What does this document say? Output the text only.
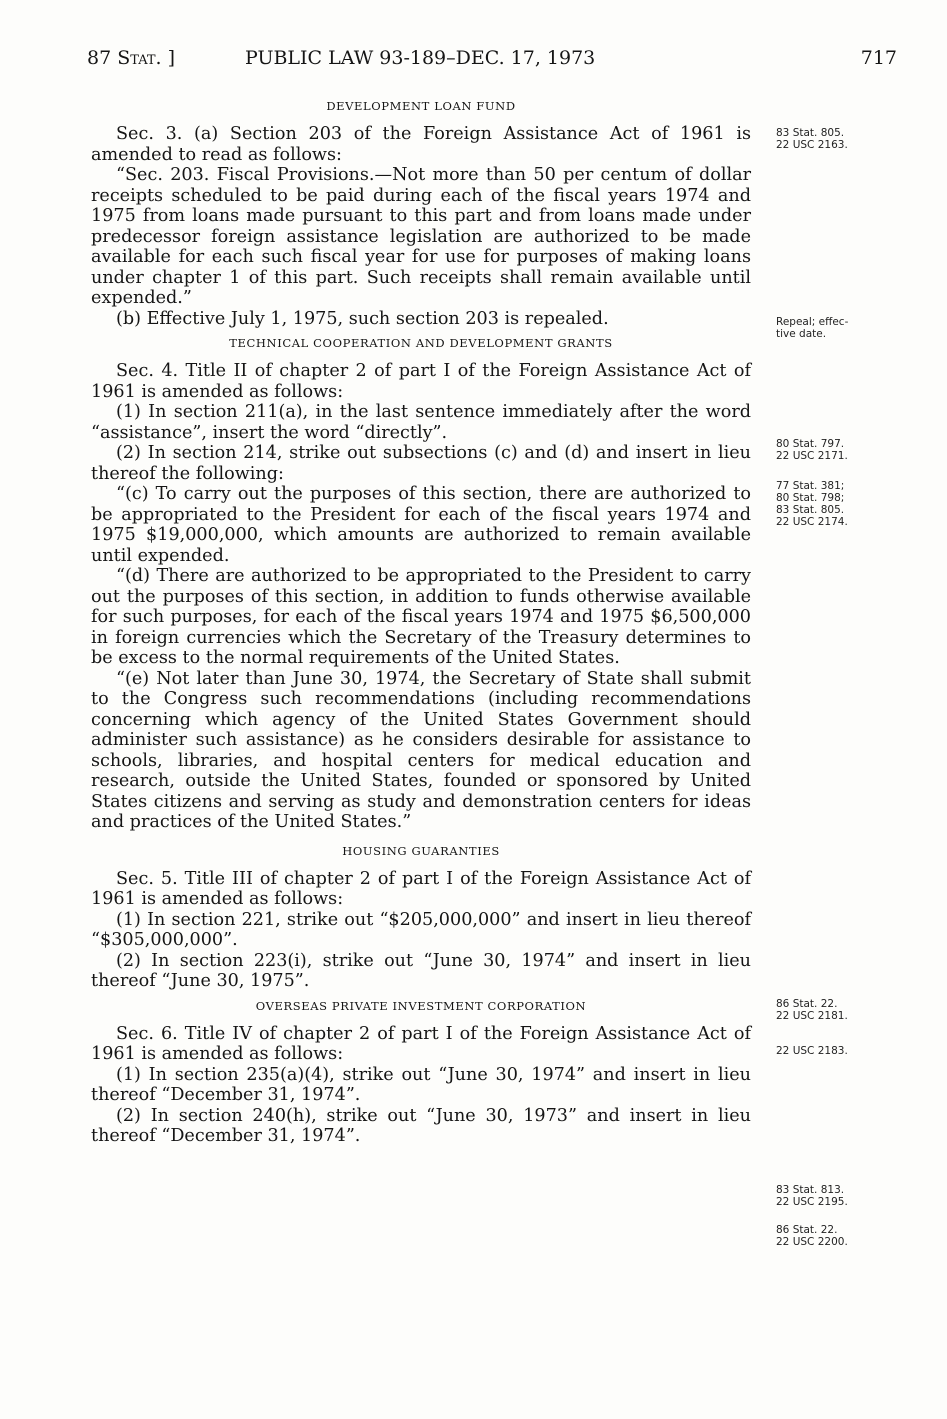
87 Stat. ]	PUBLIC LAW 93-189–DEC. 17, 1973	717

DEVELOPMENT LOAN FUND

Sec. 3. (a) Section 203 of the Foreign Assistance Act of 1961 is amended to read as follows:

“Sec. 203. Fiscal Provisions.—Not more than 50 per centum of dollar receipts scheduled to be paid during each of the fiscal years 1974 and 1975 from loans made pursuant to this part and from loans made under predecessor foreign assistance legislation are authorized to be made available for each such fiscal year for use for purposes of making loans under chapter 1 of this part. Such receipts shall remain available until expended.”

(b) Effective July 1, 1975, such section 203 is repealed.

TECHNICAL COOPERATION AND DEVELOPMENT GRANTS

Sec. 4. Title II of chapter 2 of part I of the Foreign Assistance Act of 1961 is amended as follows:

(1) In section 211(a), in the last sentence immediately after the word “assistance”, insert the word “directly”.

(2) In section 214, strike out subsections (c) and (d) and insert in lieu thereof the following:

“(c) To carry out the purposes of this section, there are authorized to be appropriated to the President for each of the fiscal years 1974 and 1975 $19,000,000, which amounts are authorized to remain available until expended.

“(d) There are authorized to be appropriated to the President to carry out the purposes of this section, in addition to funds otherwise available for such purposes, for each of the fiscal years 1974 and 1975 $6,500,000 in foreign currencies which the Secretary of the Treasury determines to be excess to the normal requirements of the United States.

“(e) Not later than June 30, 1974, the Secretary of State shall submit to the Congress such recommendations (including recommendations concerning which agency of the United States Government should administer such assistance) as he considers desirable for assistance to schools, libraries, and hospital centers for medical education and research, outside the United States, founded or sponsored by United States citizens and serving as study and demonstration centers for ideas and practices of the United States.”

HOUSING GUARANTIES

Sec. 5. Title III of chapter 2 of part I of the Foreign Assistance Act of 1961 is amended as follows:

(1) In section 221, strike out “$205,000,000” and insert in lieu thereof “$305,000,000”.

(2) In section 223(i), strike out “June 30, 1974” and insert in lieu thereof “June 30, 1975”.

OVERSEAS PRIVATE INVESTMENT CORPORATION

Sec. 6. Title IV of chapter 2 of part I of the Foreign Assistance Act of 1961 is amended as follows:

(1) In section 235(a)(4), strike out “June 30, 1974” and insert in lieu thereof “December 31, 1974”.

(2) In section 240(h), strike out “June 30, 1973” and insert in lieu thereof “December 31, 1974”.

83 Stat. 805.
22 USC 2163.
Repeal; effec-
tive date.
80 Stat. 797.
22 USC 2171.
77 Stat. 381;
80 Stat. 798;
83 Stat. 805.
22 USC 2174.
86 Stat. 22.
22 USC 2181.
22 USC 2183.
83 Stat. 813.
22 USC 2195.
86 Stat. 22.
22 USC 2200.
